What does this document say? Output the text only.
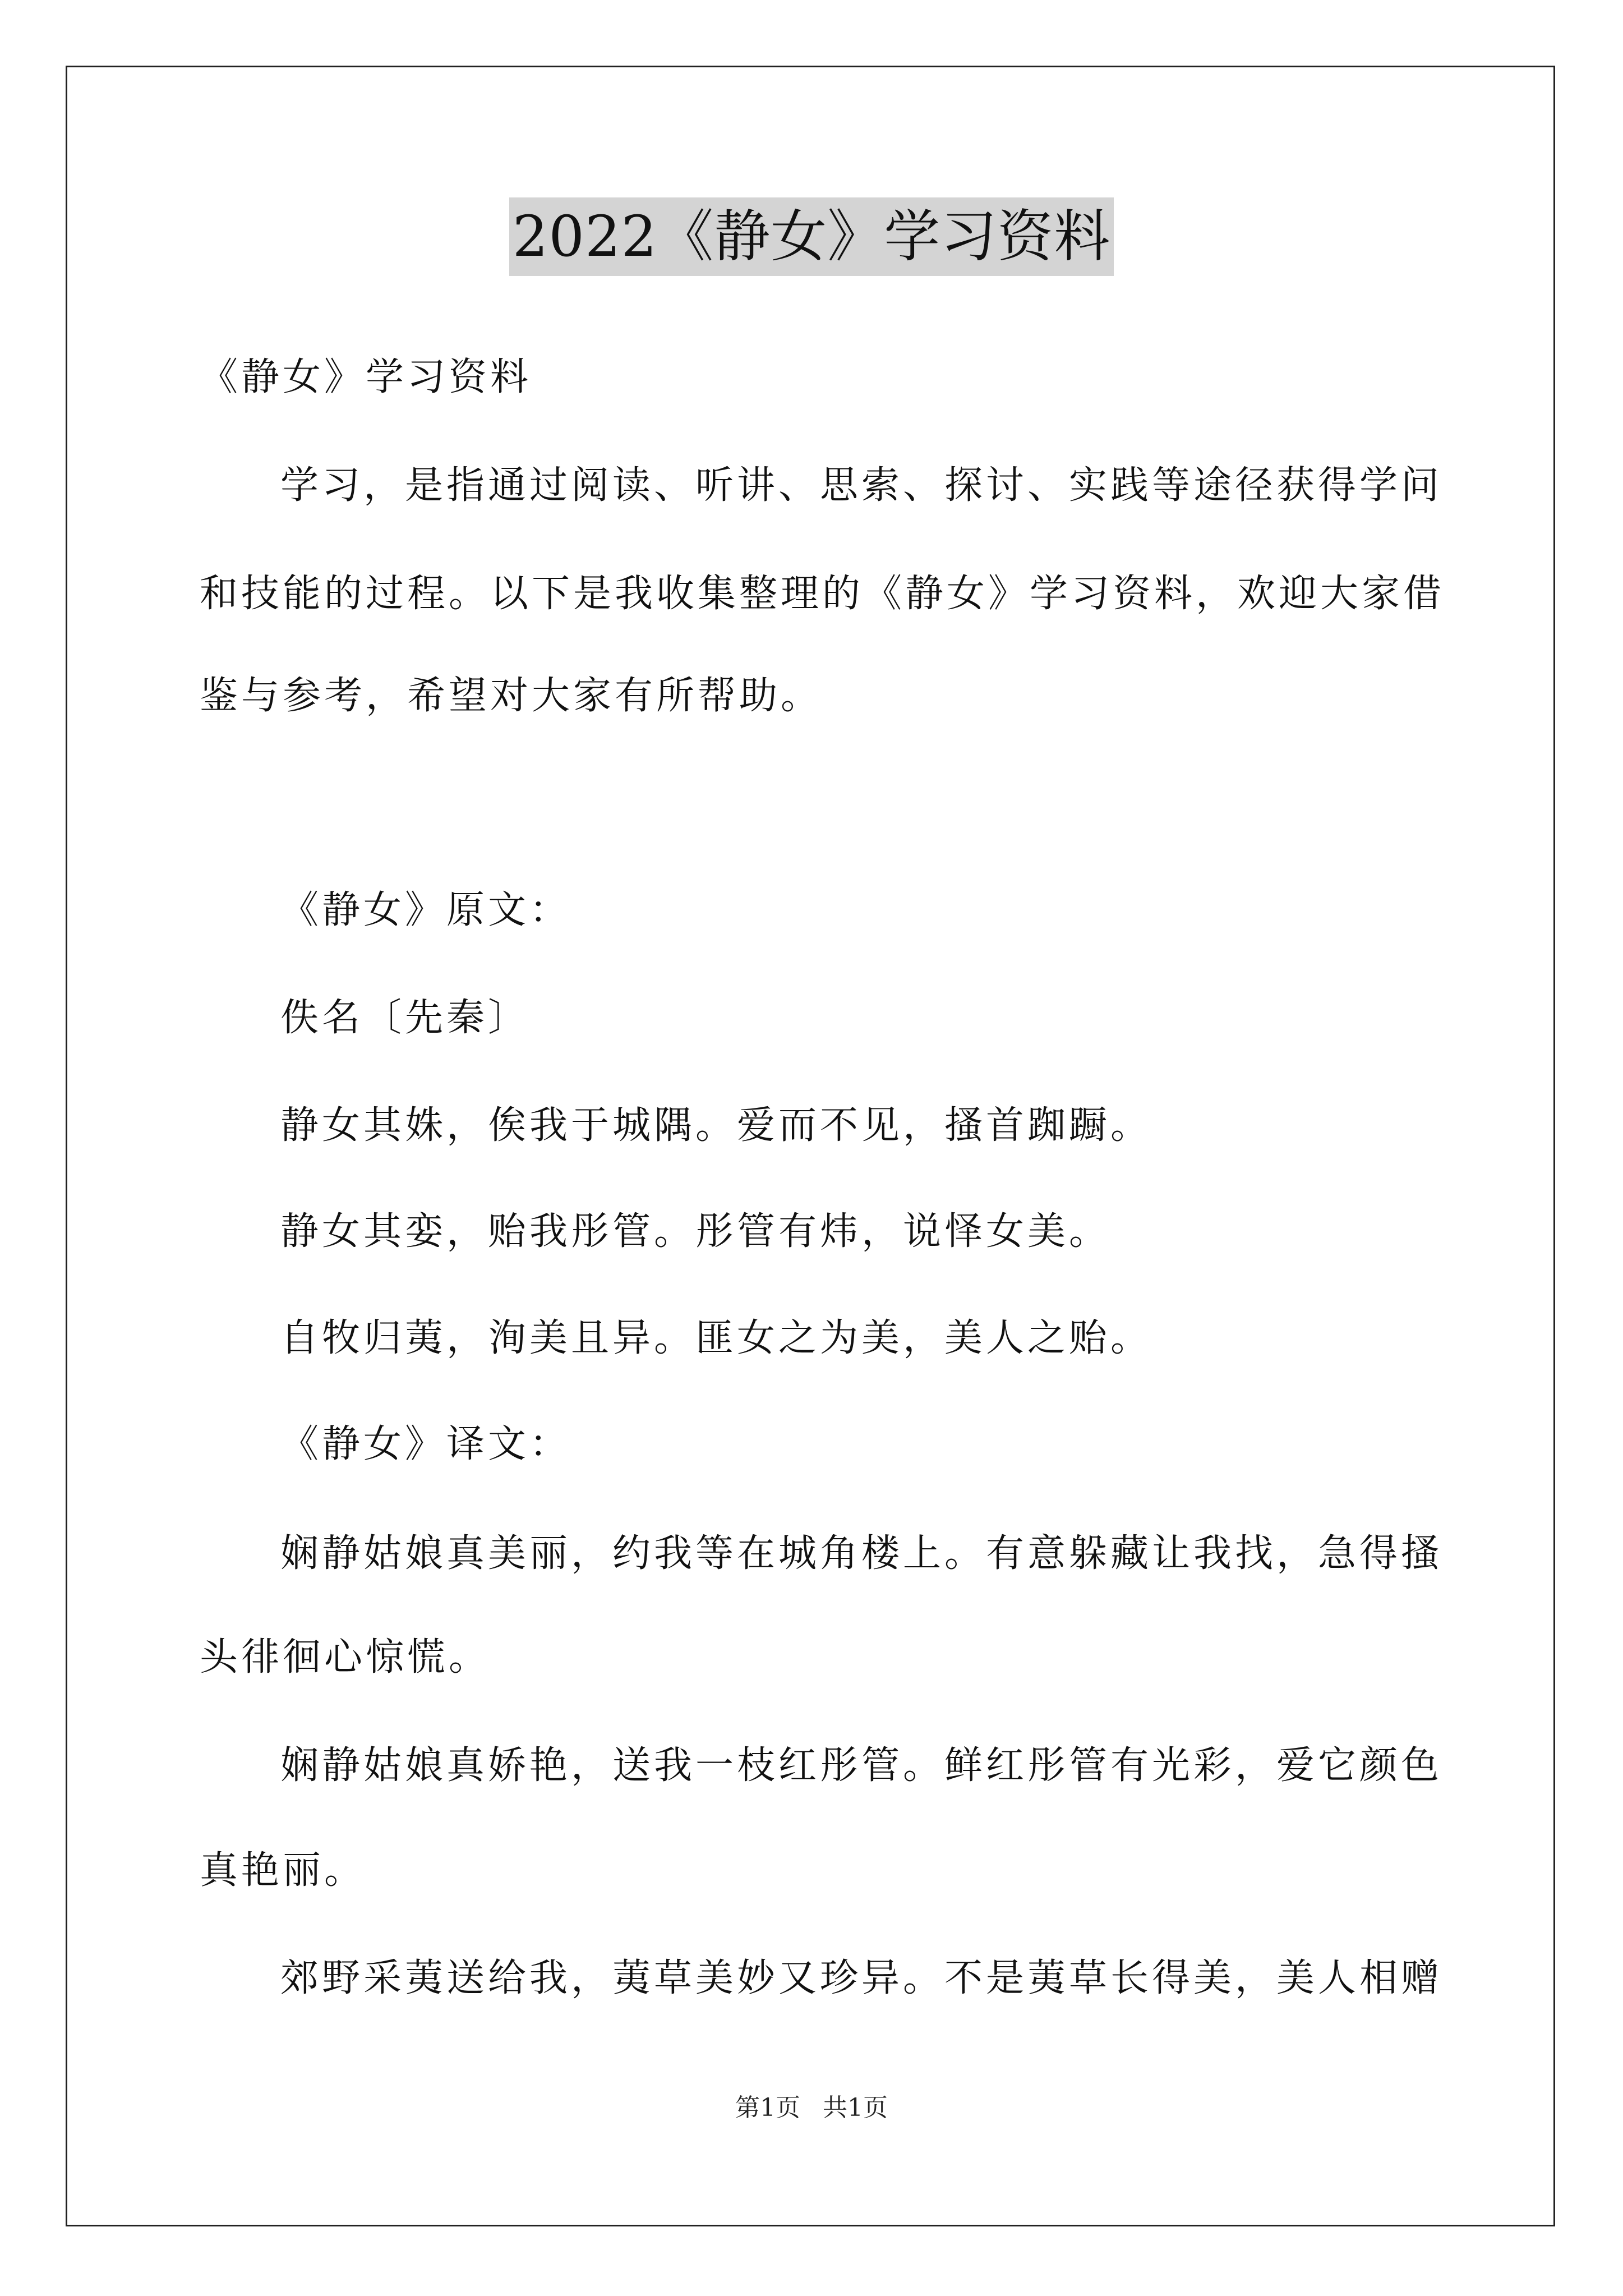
2022《静女》学习资料
《静女》学习资料
学习，是指通过阅读、听讲、思索、探讨、实践等途径获得学问
和技能的过程。以下是我收集整理的《静女》学习资料，欢迎大家借
鉴与参考，希望对大家有所帮助。
《静女》原文：
佚名〔先秦〕
静女其姝，俟我于城隅。爱而不见，搔首踟蹰。
静女其娈，贻我彤管。彤管有炜，说怿女美。
自牧归荑，洵美且异。匪女之为美，美人之贻。
《静女》译文：
娴静姑娘真美丽，约我等在城角楼上。有意躲藏让我找，急得搔
头徘徊心惊慌。
娴静姑娘真娇艳，送我一枝红彤管。鲜红彤管有光彩，爱它颜色
真艳丽。
郊野采荑送给我，荑草美妙又珍异。不是荑草长得美，美人相赠
第1页 共1页
